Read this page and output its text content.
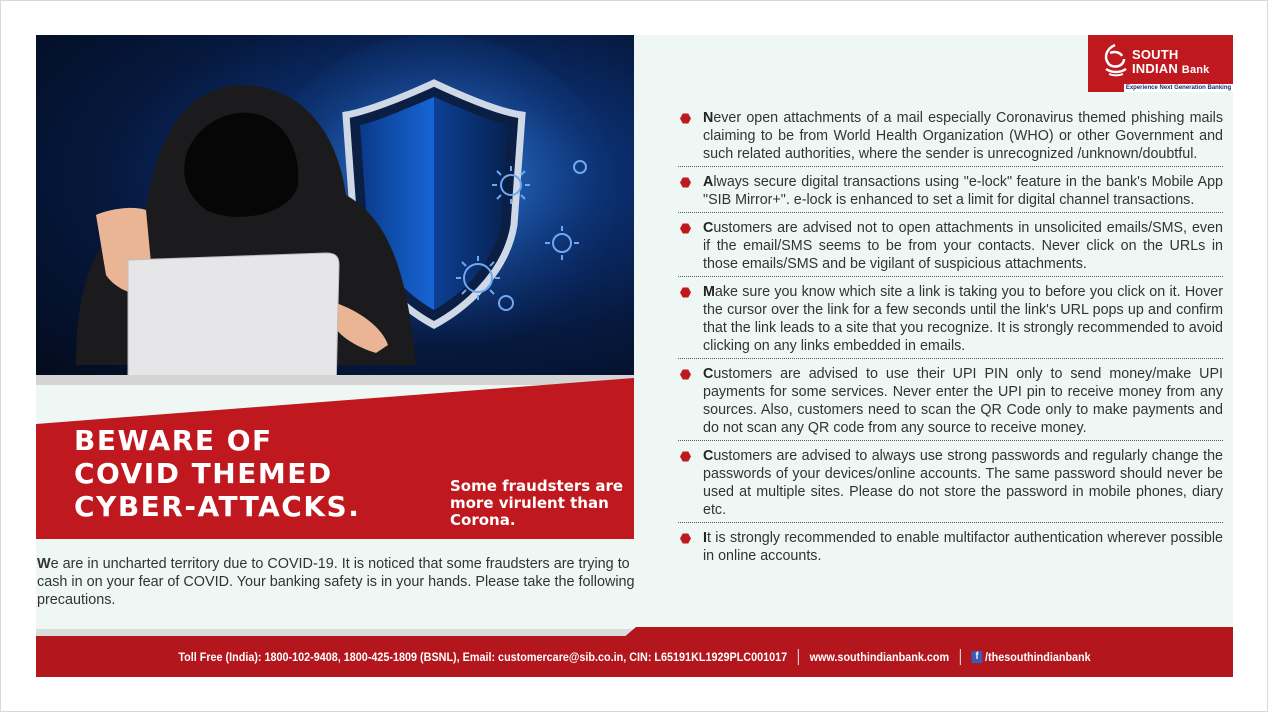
BEWARE OF
COVID THEMED
CYBER-ATTACKS.
Some fraudsters are more virulent than Corona.
We are in uncharted territory due to COVID-19. It is noticed that some fraudsters are trying to cash in on your fear of COVID. Your banking safety is in your hands. Please take the following precautions.
SOUTH
INDIAN Bank
Experience Next Generation Banking
Never open attachments of a mail especially Coronavirus themed phishing mails claiming to be from World Health Organization (WHO) or other Government and such related authorities, where the sender is unrecognized /unknown/doubtful.
Always secure digital transactions using "e-lock" feature in the bank's Mobile App "SIB Mirror+". e-lock is enhanced to set a limit for digital channel transactions.
Customers are advised not to open attachments in unsolicited emails/SMS, even if the email/SMS seems to be from your contacts. Never click on the URLs in those emails/SMS and be vigilant of suspicious attachments.
Make sure you know which site a link is taking you to before you click on it. Hover the cursor over the link for a few seconds until the link's URL pops up and confirm that the link leads to a site that you recognize. It is strongly recommended to avoid clicking on any links embedded in emails.
Customers are advised to use their UPI PIN only to send money/make UPI payments for some services. Never enter the UPI pin to receive money from any sources. Also, customers need to scan the QR Code only to make payments and do not scan any QR code from any source to receive money.
Customers are advised to always use strong passwords and regularly change the passwords of your devices/online accounts. The same password should never be used at multiple sites. Please do not store the password in mobile phones, diary etc.
It is strongly recommended to enable multifactor authentication wherever possible in online accounts.
Toll Free (India): 1800-102-9408, 1800-425-1809 (BSNL), Email: customercare@sib.co.in, CIN: L65191KL1929PLC001017 www.southindianbank.com	f /thesouthindianbank
